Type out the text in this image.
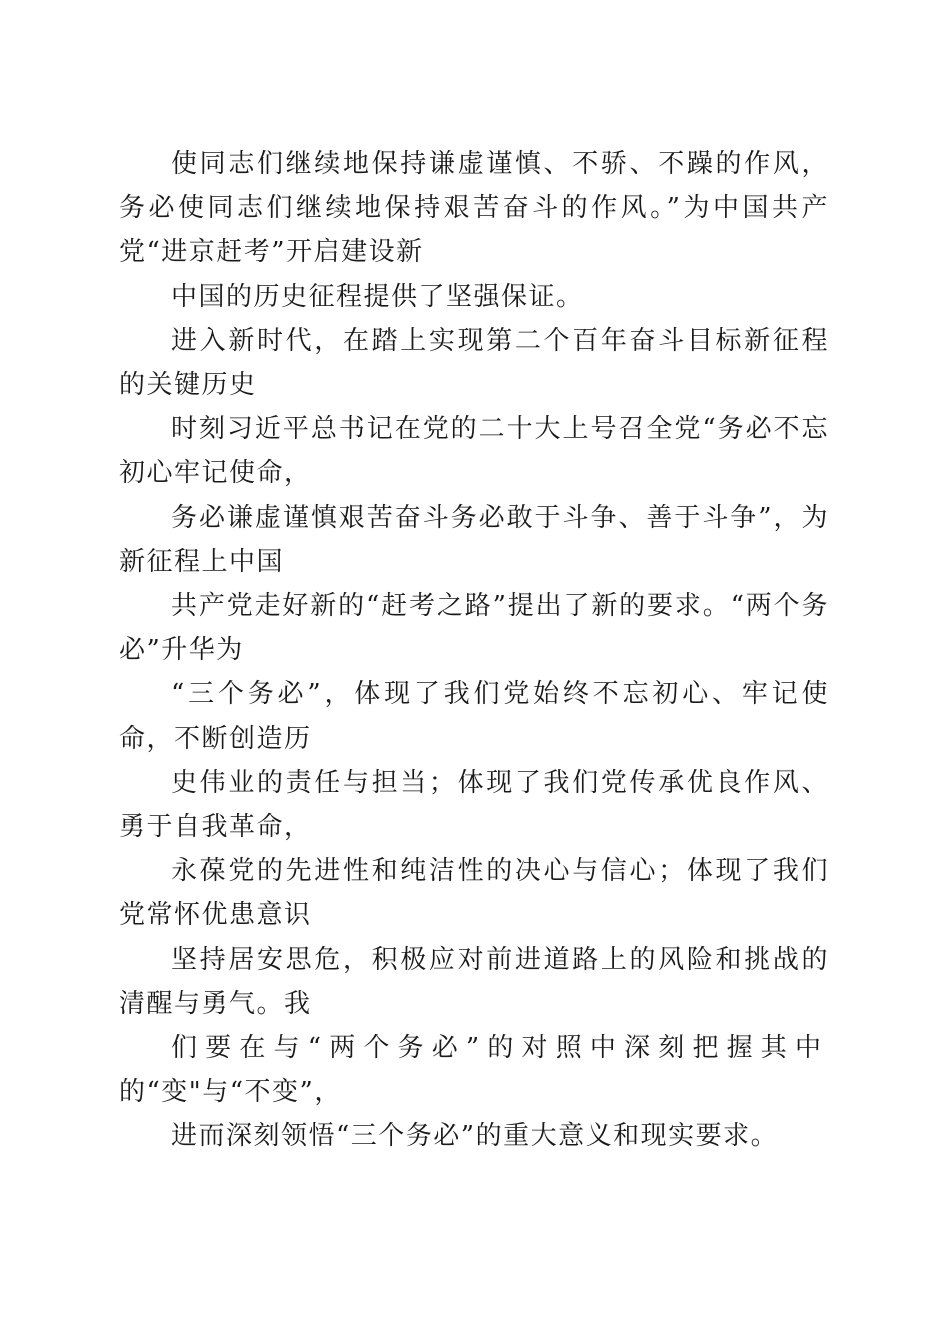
使同志们继续地保持谦虚谨慎、不骄、不躁的作风，务必使同志们继续地保持艰苦奋斗的作风。”为中国共产党“进京赶考”开启建设新

中国的历史征程提供了坚强保证。

进入新时代，在踏上实现第二个百年奋斗目标新征程的关键历史

时刻习近平总书记在党的二十大上号召全党“务必不忘初心牢记使命，

务必谦虚谨慎艰苦奋斗务必敢于斗争、善于斗争”，为新征程上中国

共产党走好新的“赶考之路”提出了新的要求。“两个务必”升华为

“三个务必”，体现了我们党始终不忘初心、牢记使命，不断创造历

史伟业的责任与担当；体现了我们党传承优良作风、勇于自我革命，

永葆党的先进性和纯洁性的决心与信心；体现了我们党常怀优患意识

坚持居安思危，积极应对前进道路上的风险和挑战的清醒与勇气。我

们要在与“两个务必”的对照中深刻把握其中的“变"与“不变”，

进而深刻领悟“三个务必”的重大意义和现实要求。
